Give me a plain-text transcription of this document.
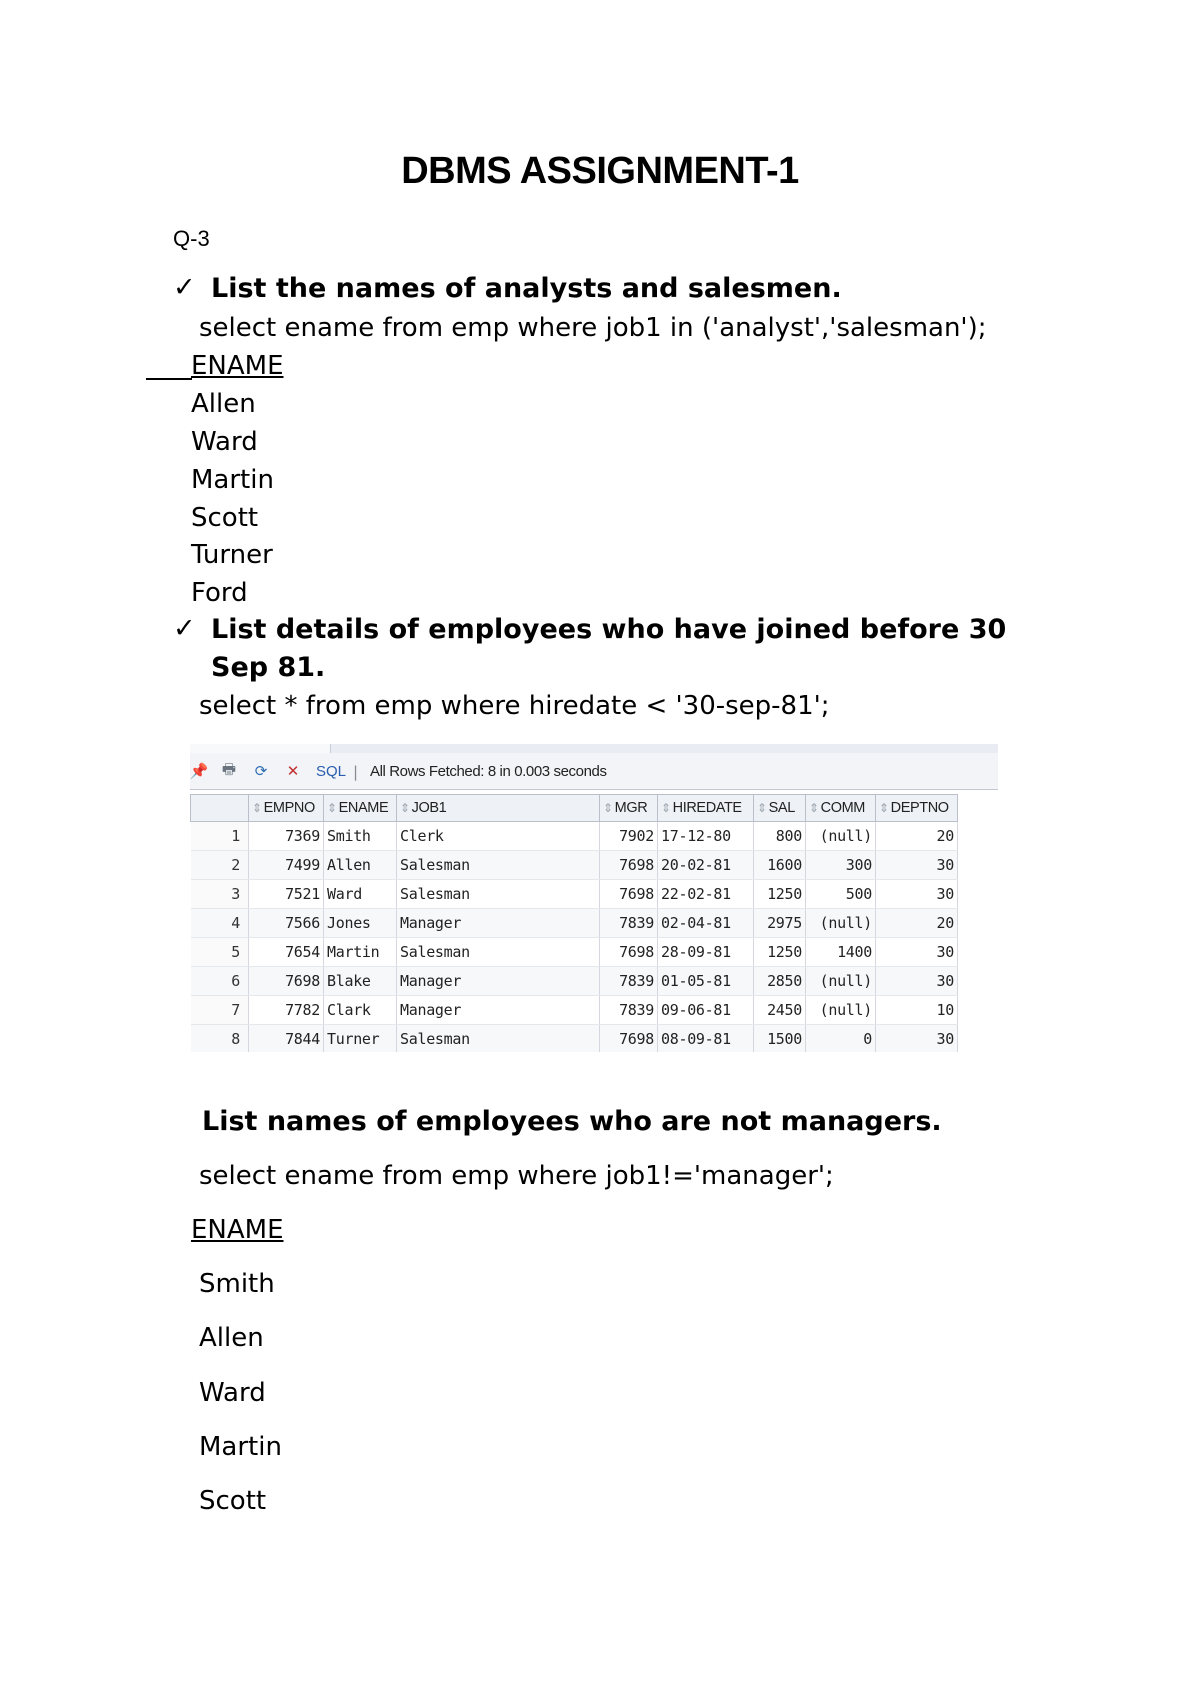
DBMS ASSIGNMENT-1
Q-3
✓ List the names of analysts and salesmen.
select ename from emp where job1 in ('analyst','salesman');
ENAME
Allen
Ward
Martin
Scott
Turner
Ford
✓ List details of employees who have joined before 30
Sep 81.
select * from emp where hiredate < '30-sep-81';
📌 🖶 ⟳ ✕ SQL | All Rows Fetched: 8 in 0.003 seconds
	⇕ EMPNO	⇕ ENAME	⇕ JOB1	⇕ MGR	⇕ HIREDATE	⇕ SAL	⇕ COMM	⇕ DEPTNO
1	7369	Smith	Clerk	7902	17-12-80	800	(null)	20
2	7499	Allen	Salesman	7698	20-02-81	1600	300	30
3	7521	Ward	Salesman	7698	22-02-81	1250	500	30
4	7566	Jones	Manager	7839	02-04-81	2975	(null)	20
5	7654	Martin	Salesman	7698	28-09-81	1250	1400	30
6	7698	Blake	Manager	7839	01-05-81	2850	(null)	30
7	7782	Clark	Manager	7839	09-06-81	2450	(null)	10
8	7844	Turner	Salesman	7698	08-09-81	1500	0	30
List names of employees who are not managers.
select ename from emp where job1!='manager';
ENAME
Smith
Allen
Ward
Martin
Scott
